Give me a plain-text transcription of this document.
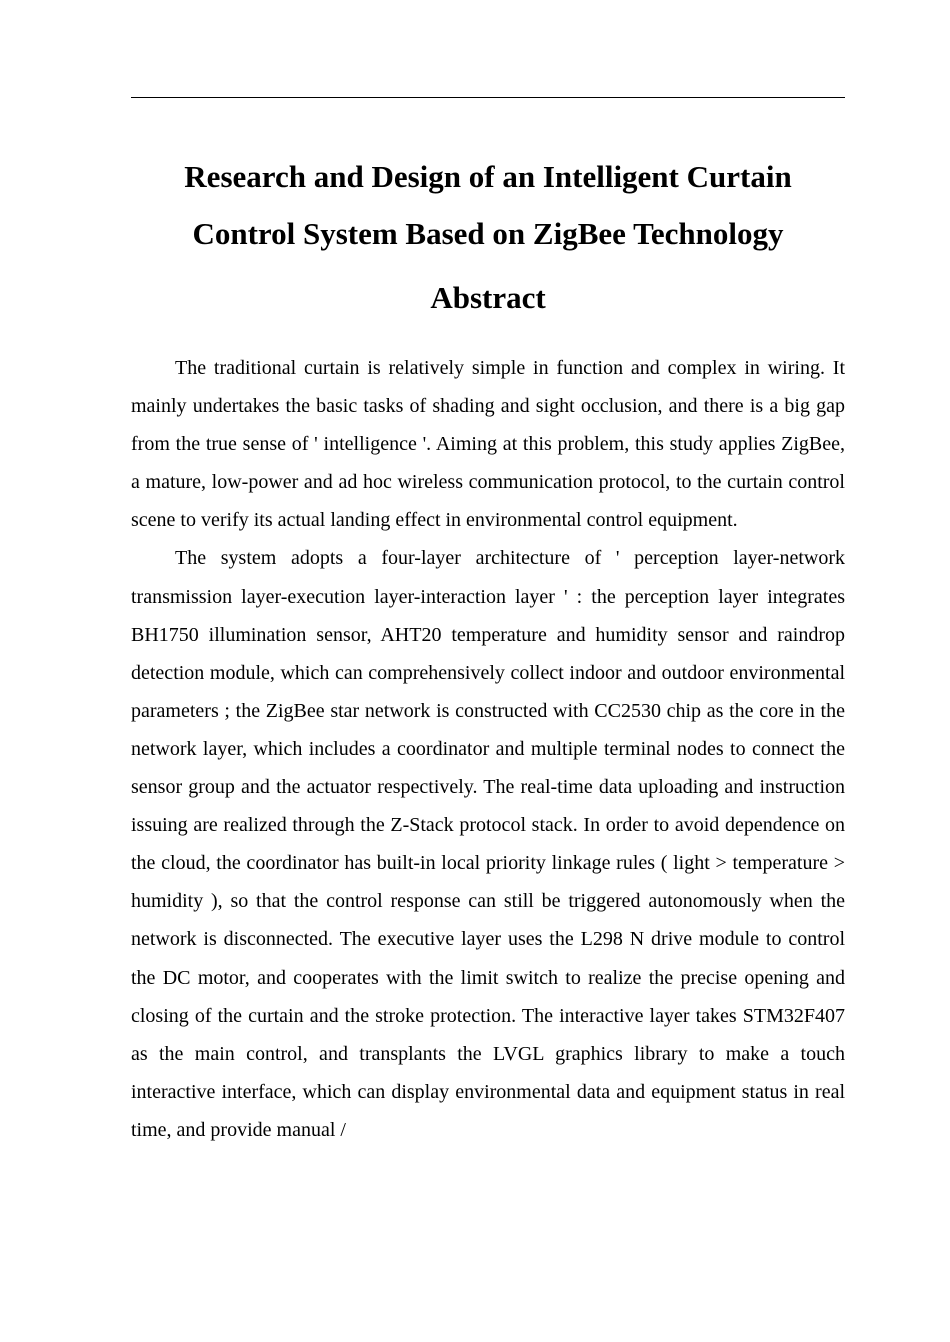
Research and Design of an Intelligent Curtain
Control System Based on ZigBee Technology
Abstract

The traditional curtain is relatively simple in function and complex in wiring. It mainly undertakes the basic tasks of shading and sight occlusion, and there is a big gap from the true sense of ' intelligence '. Aiming at this problem, this study applies ZigBee, a mature, low-power and ad hoc wireless communication protocol, to the curtain control scene to verify its actual landing effect in environmental control equipment.

The system adopts a four-layer architecture of ' perception layer-network transmission layer-execution layer-interaction layer ' : the perception layer integrates BH1750 illumination sensor, AHT20 temperature and humidity sensor and raindrop detection module, which can comprehensively collect indoor and outdoor environmental parameters ; the ZigBee star network is constructed with CC2530 chip as the core in the network layer, which includes a coordinator and multiple terminal nodes to connect the sensor group and the actuator respectively. The real-time data uploading and instruction issuing are realized through the Z-Stack protocol stack. In order to avoid dependence on the cloud, the coordinator has built-in local priority linkage rules ( light > temperature > humidity ), so that the control response can still be triggered autonomously when the network is disconnected. The executive layer uses the L298 N drive module to control the DC motor, and cooperates with the limit switch to realize the precise opening and closing of the curtain and the stroke protection. The interactive layer takes STM32F407 as the main control, and transplants the LVGL graphics library to make a touch interactive interface, which can display environmental data and equipment status in real time, and provide manual /
